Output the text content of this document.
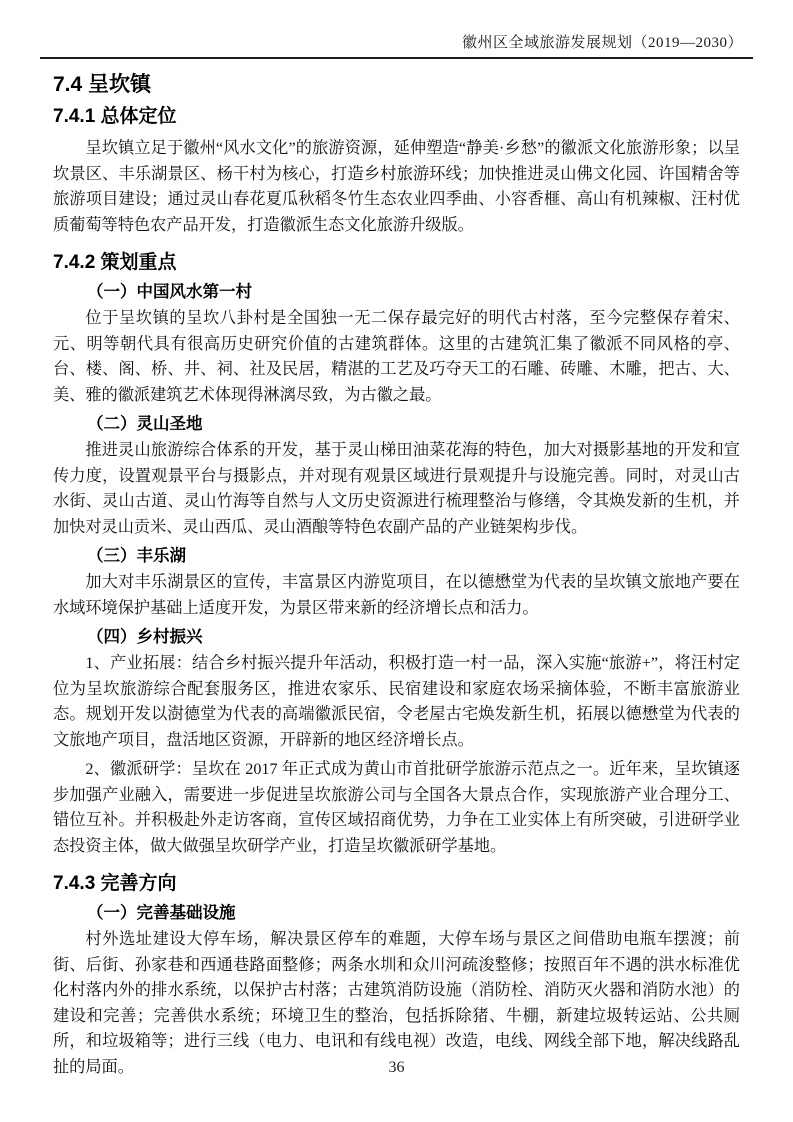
徽州区全域旅游发展规划（2019—2030）
7.4 呈坎镇
7.4.1 总体定位

呈坎镇立足于徽州“风水文化”的旅游资源，延伸塑造“静美·乡愁”的徽派文化旅游形象；以呈坎景区、丰乐湖景区、杨干村为核心，打造乡村旅游环线；加快推进灵山佛文化园、许国精舍等旅游项目建设；通过灵山春花夏瓜秋稻冬竹生态农业四季曲、小容香榧、高山有机辣椒、汪村优质葡萄等特色农产品开发，打造徽派生态文化旅游升级版。

7.4.2 策划重点
（一）中国风水第一村

位于呈坎镇的呈坎八卦村是全国独一无二保存最完好的明代古村落，至今完整保存着宋、元、明等朝代具有很高历史研究价值的古建筑群体。这里的古建筑汇集了徽派不同风格的亭、台、楼、阁、桥、井、祠、社及民居，精湛的工艺及巧夺天工的石雕、砖雕、木雕，把古、大、美、雅的徽派建筑艺术体现得淋漓尽致，为古徽之最。

（二）灵山圣地

推进灵山旅游综合体系的开发，基于灵山梯田油菜花海的特色，加大对摄影基地的开发和宣传力度，设置观景平台与摄影点，并对现有观景区域进行景观提升与设施完善。同时，对灵山古水街、灵山古道、灵山竹海等自然与人文历史资源进行梳理整治与修缮，令其焕发新的生机，并加快对灵山贡米、灵山西瓜、灵山酒酿等特色农副产品的产业链架构步伐。

（三）丰乐湖

加大对丰乐湖景区的宣传，丰富景区内游览项目，在以德懋堂为代表的呈坎镇文旅地产要在水域环境保护基础上适度开发，为景区带来新的经济增长点和活力。

（四）乡村振兴

1、产业拓展：结合乡村振兴提升年活动，积极打造一村一品，深入实施“旅游+”，将汪村定位为呈坎旅游综合配套服务区，推进农家乐、民宿建设和家庭农场采摘体验，不断丰富旅游业态。规划开发以澍德堂为代表的高端徽派民宿，令老屋古宅焕发新生机，拓展以德懋堂为代表的文旅地产项目，盘活地区资源，开辟新的地区经济增长点。

2、徽派研学：呈坎在 2017 年正式成为黄山市首批研学旅游示范点之一。近年来，呈坎镇逐步加强产业融入，需要进一步促进呈坎旅游公司与全国各大景点合作，实现旅游产业合理分工、错位互补。并积极赴外走访客商，宣传区域招商优势，力争在工业实体上有所突破，引进研学业态投资主体，做大做强呈坎研学产业，打造呈坎徽派研学基地。

7.4.3 完善方向
（一）完善基础设施

村外选址建设大停车场，解决景区停车的难题，大停车场与景区之间借助电瓶车摆渡；前街、后街、孙家巷和西通巷路面整修；两条水圳和众川河疏浚整修；按照百年不遇的洪水标准优化村落内外的排水系统，以保护古村落；古建筑消防设施（消防栓、消防灭火器和消防水池）的建设和完善；完善供水系统；环境卫生的整治，包括拆除猪、牛棚，新建垃圾转运站、公共厕所，和垃圾箱等；进行三线（电力、电讯和有线电视）改造，电线、网线全部下地，解决线路乱扯的局面。	36
